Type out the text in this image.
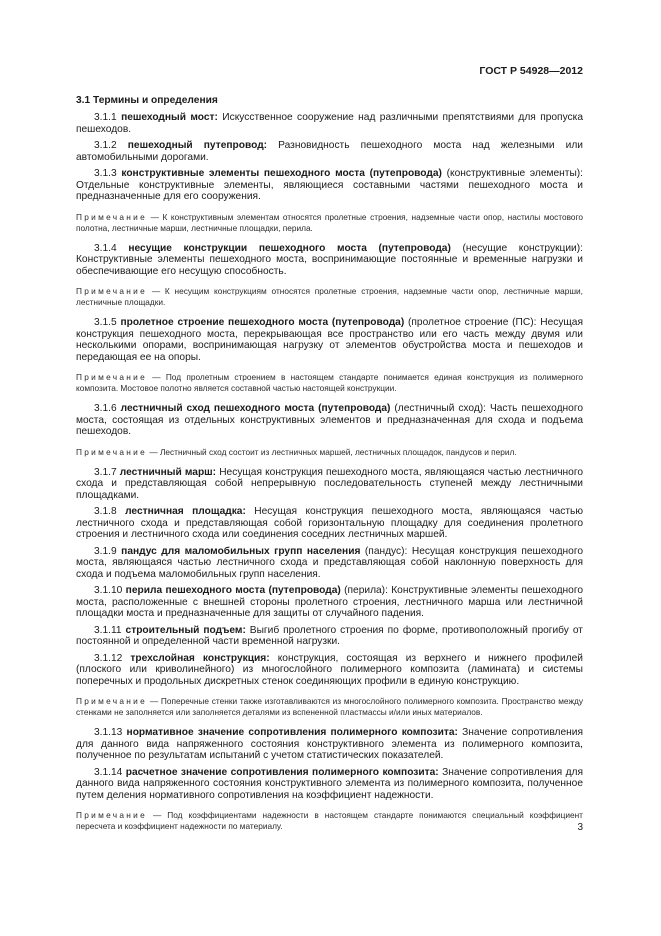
ГОСТ Р 54928—2012
3.1 Термины и определения

3.1.1 пешеходный мост: Искусственное сооружение над различными препятствиями для пропуска пешеходов.

3.1.2 пешеходный путепровод: Разновидность пешеходного моста над железными или автомобильными дорогами.

3.1.3 конструктивные элементы пешеходного моста (путепровода) (конструктивные элементы): Отдельные конструктивные элементы, являющиеся составными частями пешеходного моста и предназначенные для его сооружения.

Примечание — К конструктивным элементам относятся пролетные строения, надземные части опор, настилы мостового полотна, лестничные марши, лестничные площадки, перила.

3.1.4 несущие конструкции пешеходного моста (путепровода) (несущие конструкции): Конструктивные элементы пешеходного моста, воспринимающие постоянные и временные нагрузки и обеспечивающие его несущую способность.

Примечание — К несущим конструкциям относятся пролетные строения, надземные части опор, лестничные марши, лестничные площадки.

3.1.5 пролетное строение пешеходного моста (путепровода) (пролетное строение (ПС): Несущая конструкция пешеходного моста, перекрывающая все пространство или его часть между двумя или несколькими опорами, воспринимающая нагрузку от элементов обустройства моста и пешеходов и передающая ее на опоры.

Примечание — Под пролетным строением в настоящем стандарте понимается единая конструкция из полимерного композита. Мостовое полотно является составной частью настоящей конструкции.

3.1.6 лестничный сход пешеходного моста (путепровода) (лестничный сход): Часть пешеходного моста, состоящая из отдельных конструктивных элементов и предназначенная для схода и подъема пешеходов.

Примечание — Лестничный сход состоит из лестничных маршей, лестничных площадок, пандусов и перил.

3.1.7 лестничный марш: Несущая конструкция пешеходного моста, являющаяся частью лестничного схода и представляющая собой непрерывную последовательность ступеней между лестничными площадками.

3.1.8 лестничная площадка: Несущая конструкция пешеходного моста, являющаяся частью лестничного схода и представляющая собой горизонтальную площадку для соединения пролетного строения и лестничного схода или соединения соседних лестничных маршей.

3.1.9 пандус для маломобильных групп населения (пандус): Несущая конструкция пешеходного моста, являющаяся частью лестничного схода и представляющая собой наклонную поверхность для схода и подъема маломобильных групп населения.

3.1.10 перила пешеходного моста (путепровода) (перила): Конструктивные элементы пешеходного моста, расположенные с внешней стороны пролетного строения, лестничного марша или лестничной площадки моста и предназначенные для защиты от случайного падения.

3.1.11 строительный подъем: Выгиб пролетного строения по форме, противоположный прогибу от постоянной и определенной части временной нагрузки.

3.1.12 трехслойная конструкция: конструкция, состоящая из верхнего и нижнего профилей (плоского или криволинейного) из многослойного полимерного композита (ламината) и системы поперечных и продольных дискретных стенок соединяющих профили в единую конструкцию.

Примечание — Поперечные стенки также изготавливаются из многослойного полимерного композита. Пространство между стенками не заполняется или заполняется деталями из вспененной пластмассы и/или иных материалов.

3.1.13 нормативное значение сопротивления полимерного композита: Значение сопротивления для данного вида напряженного состояния конструктивного элемента из полимерного композита, полученное по результатам испытаний с учетом статистических показателей.

3.1.14 расчетное значение сопротивления полимерного композита: Значение сопротивления для данного вида напряженного состояния конструктивного элемента из полимерного композита, полученное путем деления нормативного сопротивления на коэффициент надежности.

Примечание — Под коэффициентами надежности в настоящем стандарте понимаются специальный коэффициент пересчета и коэффициент надежности по материалу.	3
